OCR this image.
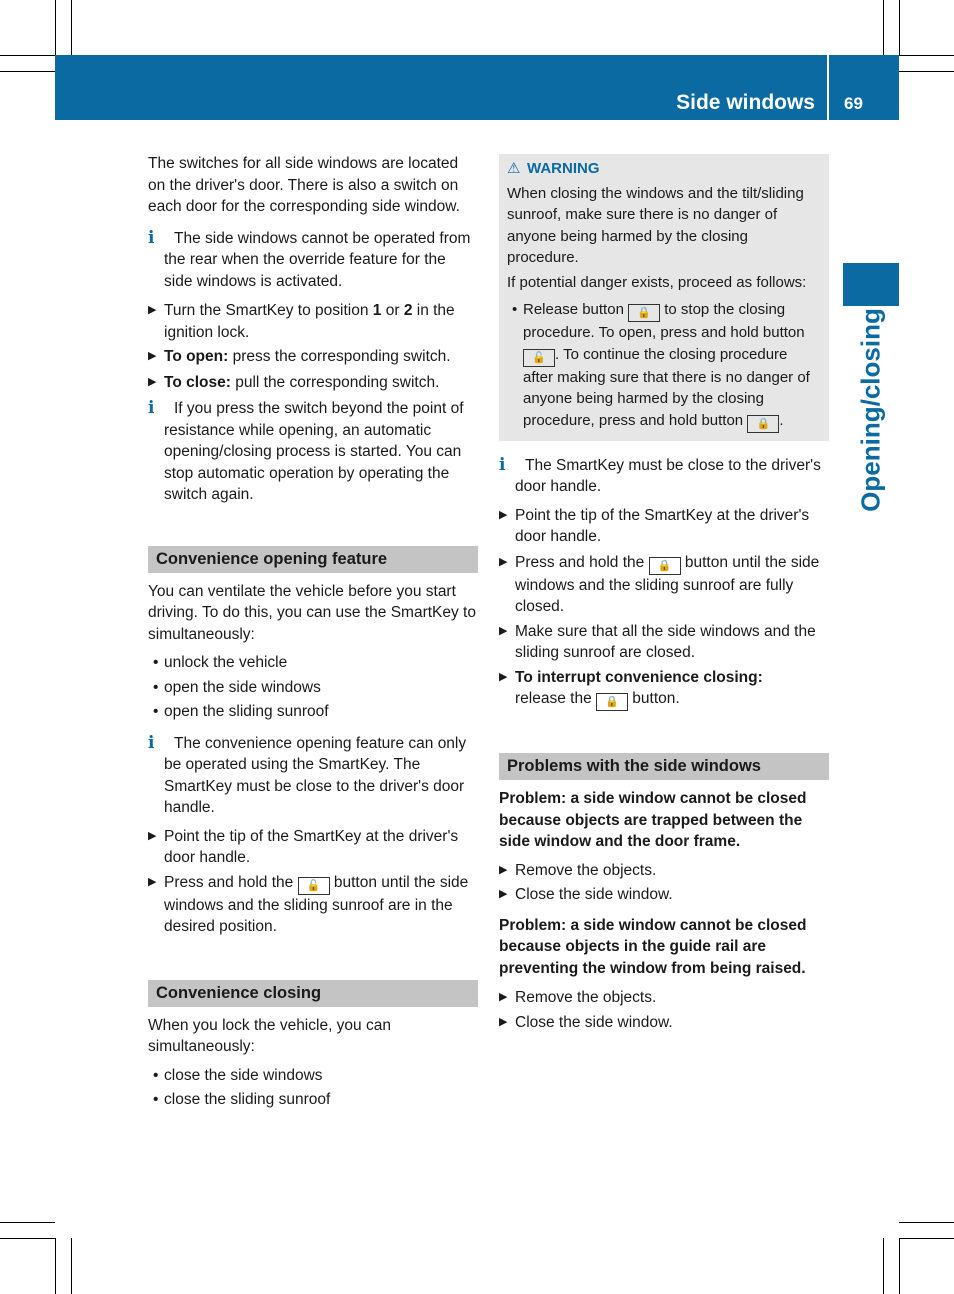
Side windows 69
Opening/closing

The switches for all side windows are located on the driver's door. There is also a switch on each door for the corresponding side window.

i	The side windows cannot be operated from the rear when the override feature for the side windows is activated.
▶ Turn the SmartKey to position 1 or 2 in the ignition lock.
▶ To open: press the corresponding switch.
▶ To close: pull the corresponding switch.
i	If you press the switch beyond the point of resistance while opening, an automatic opening/closing process is started. You can stop automatic operation by operating the switch again.
Convenience opening feature

You can ventilate the vehicle before you start driving. To do this, you can use the SmartKey to simultaneously:

• unlock the vehicle
• open the side windows
• open the sliding sunroof
i	The convenience opening feature can only be operated using the SmartKey. The SmartKey must be close to the driver's door handle.
▶ Point the tip of the SmartKey at the driver's door handle.
▶ Press and hold the 🔓 button until the side windows and the sliding sunroof are in the desired position.
Convenience closing

When you lock the vehicle, you can simultaneously:

• close the side windows
• close the sliding sunroof
⚠ WARNING

When closing the windows and the tilt/sliding sunroof, make sure there is no danger of anyone being harmed by the closing procedure.

If potential danger exists, proceed as follows:

• Release button 🔒 to stop the closing procedure. To open, press and hold button 🔓 . To continue the closing procedure after making sure that there is no danger of anyone being harmed by the closing procedure, press and hold button 🔒 .
i	The SmartKey must be close to the driver's door handle.
▶ Point the tip of the SmartKey at the driver's door handle.
▶ Press and hold the 🔒 button until the side windows and the sliding sunroof are fully closed.
▶ Make sure that all the side windows and the sliding sunroof are closed.
▶ To interrupt convenience closing:
release the 🔒 button.
Problems with the side windows

Problem: a side window cannot be closed because objects are trapped between the side window and the door frame.

▶ Remove the objects.
▶ Close the side window.

Problem: a side window cannot be closed because objects in the guide rail are preventing the window from being raised.

▶ Remove the objects.
▶ Close the side window.
